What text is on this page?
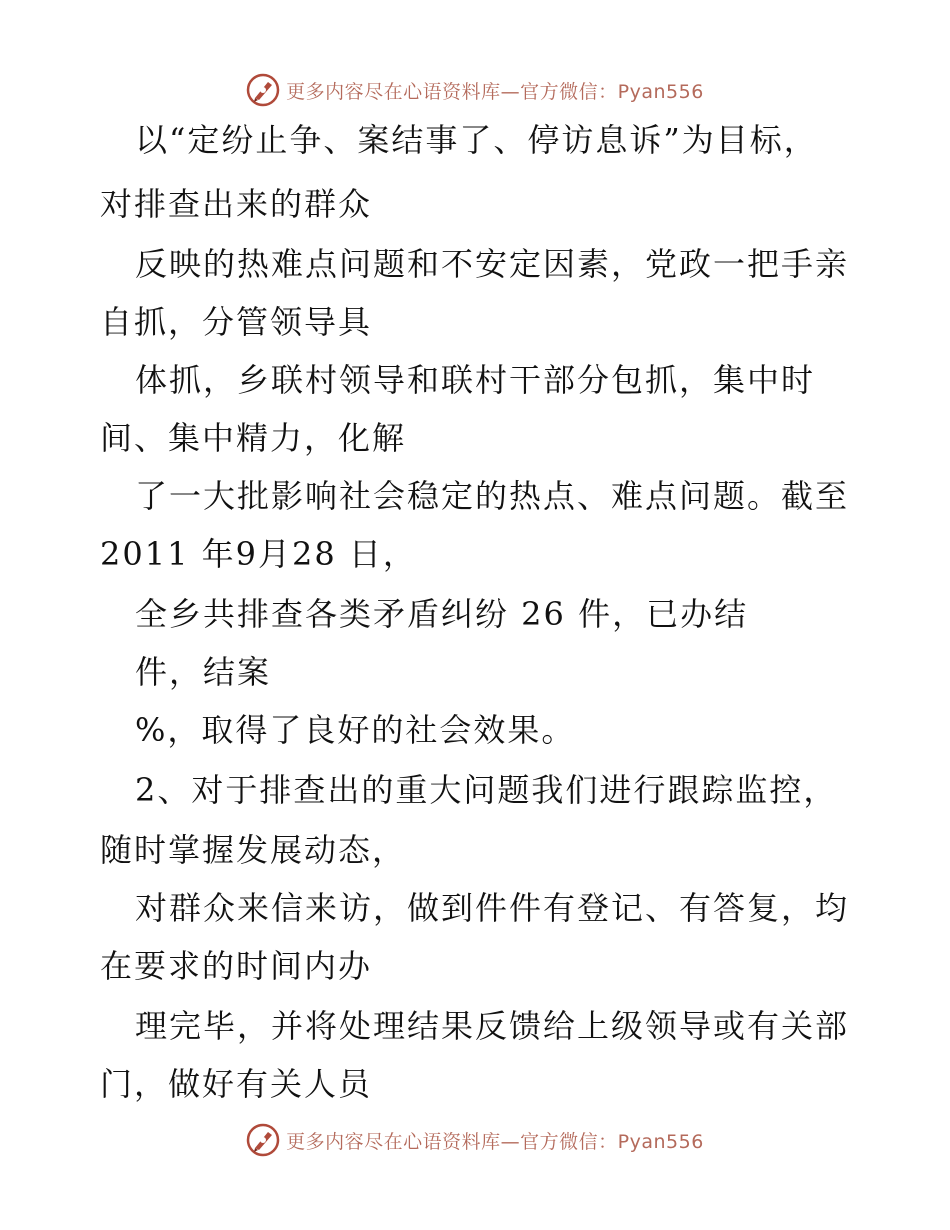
更多内容尽在心语资料库—官方微信：Pyan556
以“定纷止争、案结事了、停访息诉”为目标，
对排查出来的群众
反映的热难点问题和不安定因素，党政一把手亲
自抓，分管领导具
体抓，乡联村领导和联村干部分包抓，集中时
间、集中精力，化解
了一大批影响社会稳定的热点、难点问题。截至
2011 年9月28 日，
全乡共排查各类矛盾纠纷 26 件，已办结
件，结案
%，取得了良好的社会效果。
2、对于排查出的重大问题我们进行跟踪监控，
随时掌握发展动态，
对群众来信来访，做到件件有登记、有答复，均
在要求的时间内办
理完毕，并将处理结果反馈给上级领导或有关部
门，做好有关人员
更多内容尽在心语资料库—官方微信：Pyan556
